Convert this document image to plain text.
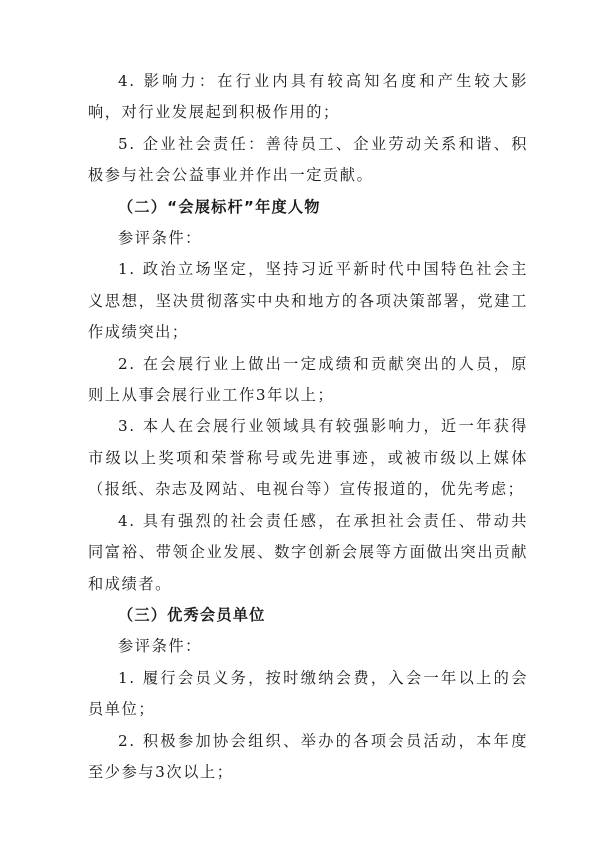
4. 影响力：在行业内具有较高知名度和产生较大影响，对行业发展起到积极作用的；

5. 企业社会责任：善待员工、企业劳动关系和谐、积极参与社会公益事业并作出一定贡献。

（二）“会展标杆”年度人物

参评条件：

1. 政治立场坚定，坚持习近平新时代中国特色社会主义思想，坚决贯彻落实中央和地方的各项决策部署，党建工作成绩突出；

2. 在会展行业上做出一定成绩和贡献突出的人员，原则上从事会展行业工作3年以上；

3. 本人在会展行业领域具有较强影响力，近一年获得市级以上奖项和荣誉称号或先进事迹，或被市级以上媒体（报纸、杂志及网站、电视台等）宣传报道的，优先考虑；

4. 具有强烈的社会责任感，在承担社会责任、带动共同富裕、带领企业发展、数字创新会展等方面做出突出贡献和成绩者。

（三）优秀会员单位

参评条件：

1. 履行会员义务，按时缴纳会费，入会一年以上的会员单位；

2. 积极参加协会组织、举办的各项会员活动，本年度至少参与3次以上；
